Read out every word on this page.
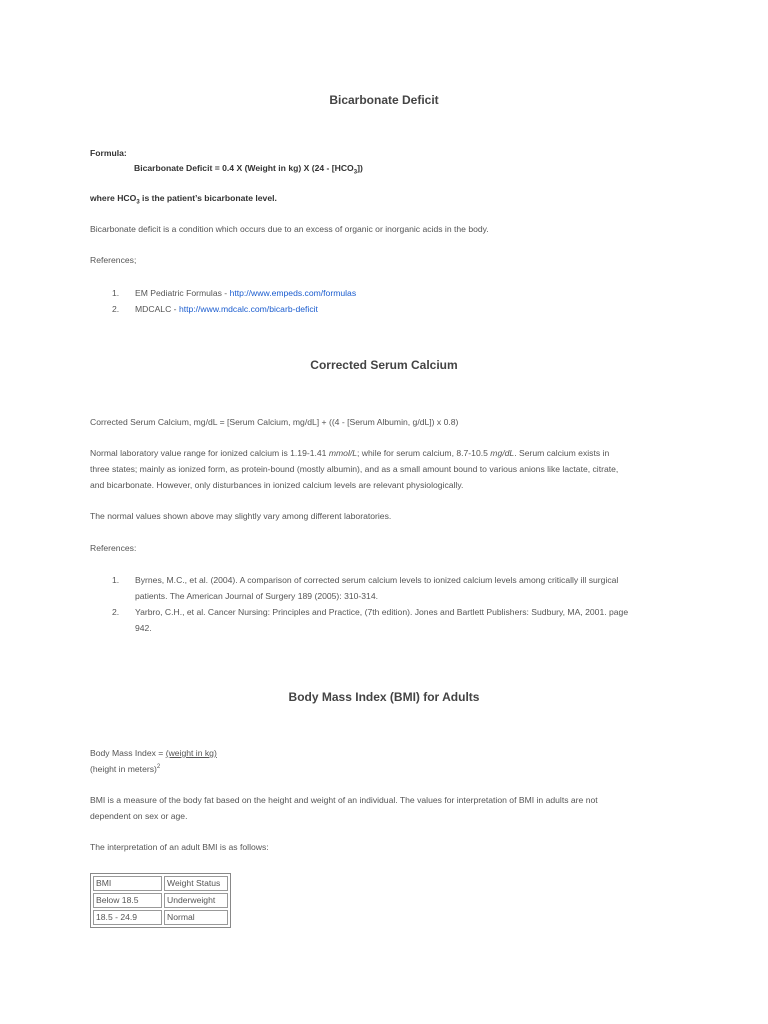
Bicarbonate Deficit
Formula:
Bicarbonate Deficit = 0.4 X (Weight in kg) X $(24 - [HCO_3])$
where $HCO_3$ is the patient’s bicarbonate level.
Bicarbonate deficit is a condition which occurs due to an excess of organic or inorganic acids in the body.
References;
1. EM Pediatric Formulas - http://www.empeds.com/formulas
2. MDCALC - http://www.mdcalc.com/bicarb-deficit
Corrected Serum Calcium
Corrected Serum Calcium, mg/dL = [Serum Calcium, mg/dL] + ((4 - [Serum Albumin, g/dL]) x 0.8)
Normal laboratory value range for ionized calcium is 1.19-1.41 mmol/L; while for serum calcium, 8.7-10.5 mg/dL. Serum calcium exists in
three states; mainly as ionized form, as protein-bound (mostly albumin), and as a small amount bound to various anions like lactate, citrate,
and bicarbonate. However, only disturbances in ionized calcium levels are relevant physiologically.
The normal values shown above may slightly vary among different laboratories.
References:
1. Byrnes, M.C., et al. (2004). A comparison of corrected serum calcium levels to ionized calcium levels among critically ill surgical
patients. The American Journal of Surgery 189 (2005): 310-314.
2. Yarbro, C.H., et al. Cancer Nursing: Principles and Practice, (7th edition). Jones and Bartlett Publishers: Sudbury, MA, 2001. page
942.
Body Mass Index (BMI) for Adults
Body Mass Index = (weight in kg)
(height in meters)$^2$
BMI is a measure of the body fat based on the height and weight of an individual. The values for interpretation of BMI in adults are not
dependent on sex or age.
The interpretation of an adult BMI is as follows:
BMI	Weight Status
Below 18.5	Underweight
18.5 - 24.9	Normal
